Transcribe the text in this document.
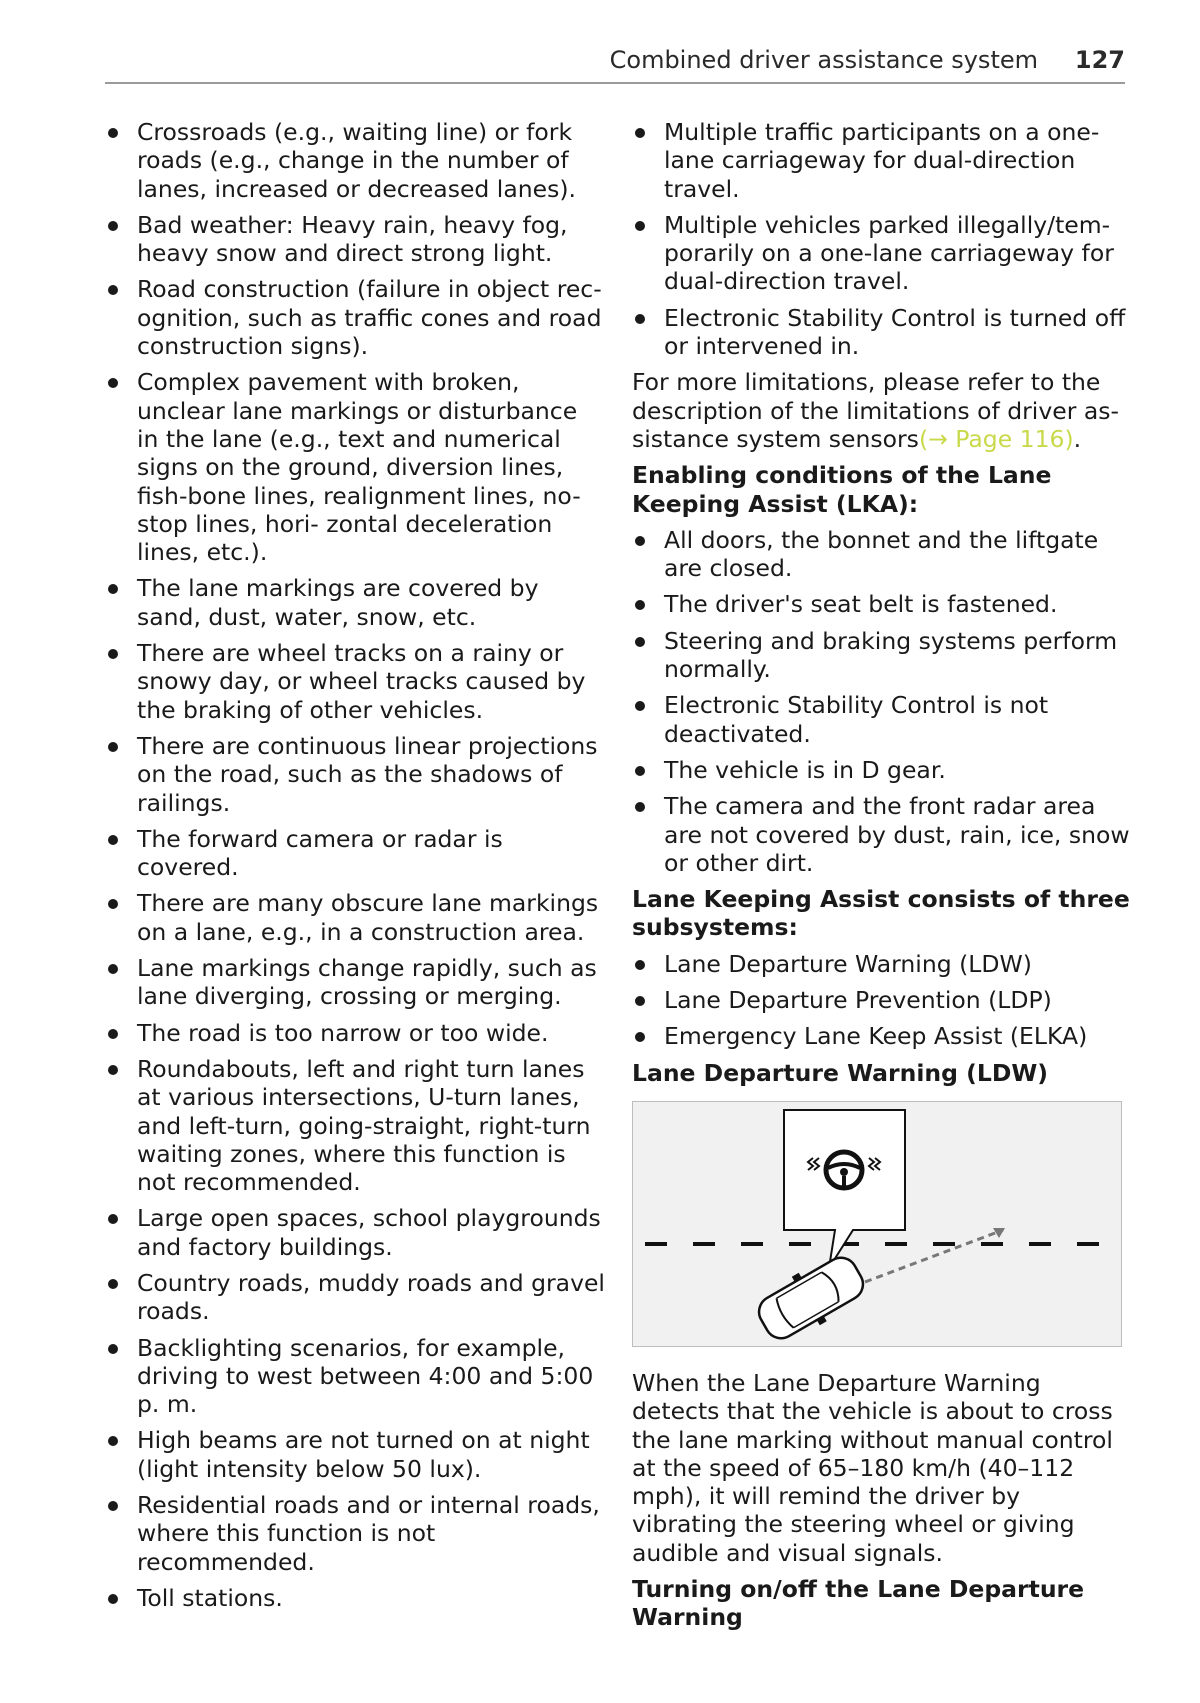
Combined driver assistance system 127
Crossroads (e.g., waiting line) or fork roads (e.g., change in the number of lanes, increased or decreased lanes).
Bad weather: Heavy rain, heavy fog, heavy snow and direct strong light.
Road construction (failure in object rec- ognition, such as traffic cones and road construction signs).
Complex pavement with broken, unclear lane markings or disturbance in the lane (e.g., text and numerical signs on the ground, diversion lines, fish-bone lines, realignment lines, no-stop lines, hori- zontal deceleration lines, etc.).
The lane markings are covered by sand, dust, water, snow, etc.
There are wheel tracks on a rainy or snowy day, or wheel tracks caused by the braking of other vehicles.
There are continuous linear projections on the road, such as the shadows of railings.
The forward camera or radar is covered.
There are many obscure lane markings on a lane, e.g., in a construction area.
Lane markings change rapidly, such as lane diverging, crossing or merging.
The road is too narrow or too wide.
Roundabouts, left and right turn lanes at various intersections, U-turn lanes, and left-turn, going-straight, right-turn waiting zones, where this function is not recommended.
Large open spaces, school playgrounds and factory buildings.
Country roads, muddy roads and gravel roads.
Backlighting scenarios, for example, driving to west between 4:00 and 5:00 p. m.
High beams are not turned on at night (light intensity below 50 lux).
Residential roads and or internal roads, where this function is not recommended.
Toll stations.
Multiple traffic participants on a one- lane carriageway for dual-direction travel.
Multiple vehicles parked illegally/tem- porarily on a one-lane carriageway for dual-direction travel.
Electronic Stability Control is turned off or intervened in.

For more limitations, please refer to the description of the limitations of driver as- sistance system sensors(→ Page 116).

Enabling conditions of the Lane Keeping Assist (LKA):
All doors, the bonnet and the liftgate are closed.
The driver's seat belt is fastened.
Steering and braking systems perform normally.
Electronic Stability Control is not deactivated.
The vehicle is in D gear.
The camera and the front radar area are not covered by dust, rain, ice, snow or other dirt.
Lane Keeping Assist consists of three subsystems:
Lane Departure Warning (LDW)
Lane Departure Prevention (LDP)
Emergency Lane Keep Assist (ELKA)
Lane Departure Warning (LDW)

When the Lane Departure Warning detects that the vehicle is about to cross the lane marking without manual control at the speed of 65–180 km/h (40–112 mph), it will remind the driver by vibrating the steering wheel or giving audible and visual signals.

Turning on/off the Lane Departure Warning
